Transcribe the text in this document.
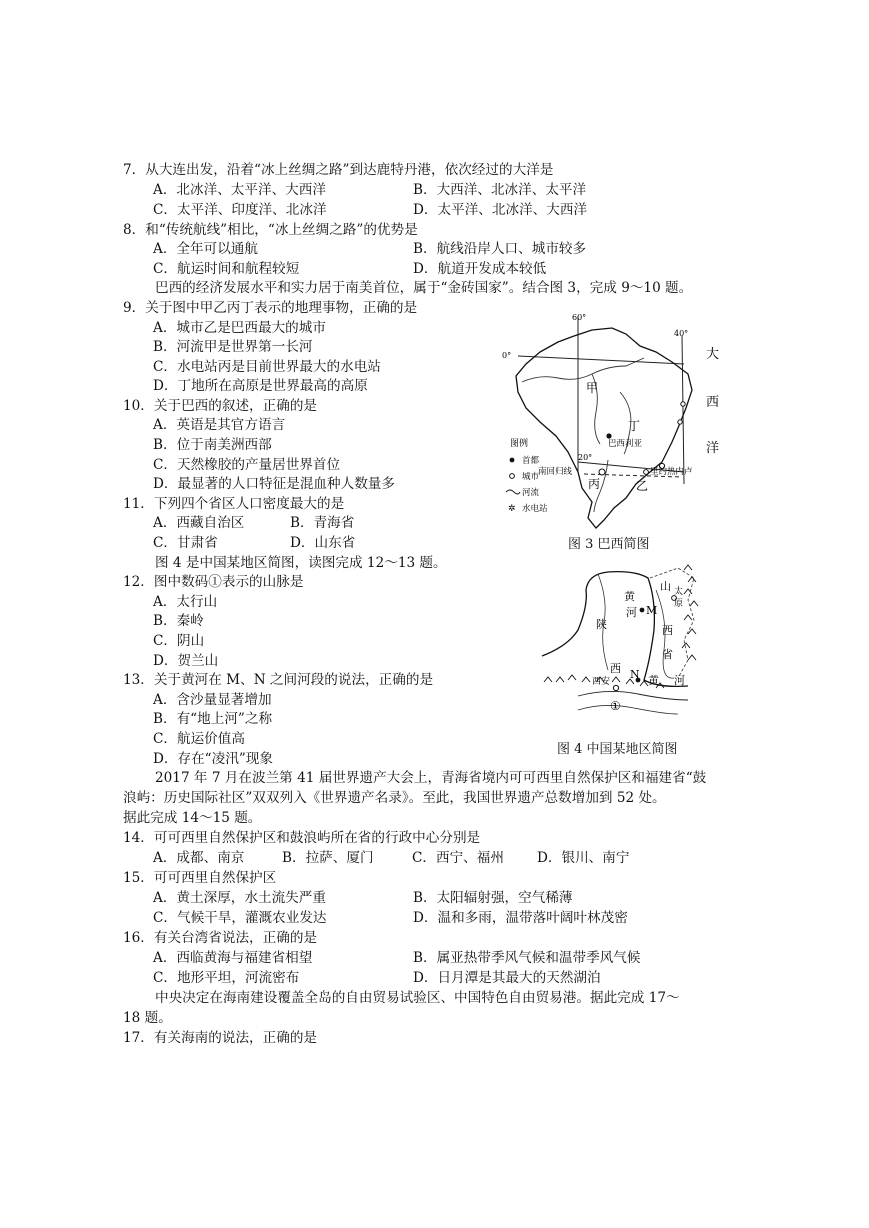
7．从大连出发，沿着“冰上丝绸之路”到达鹿特丹港，依次经过的大洋是
A．北冰洋、太平洋、大西洋	B．大西洋、北冰洋、太平洋
C．太平洋、印度洋、北冰洋	D．太平洋、北冰洋、大西洋
8．和“传统航线”相比，“冰上丝绸之路”的优势是
A．全年可以通航	B．航线沿岸人口、城市较多
C．航运时间和航程较短	D．航道开发成本较低
巴西的经济发展水平和实力居于南美首位，属于“金砖国家”。结合图 3，完成 9～10 题。
9．关于图中甲乙丙丁表示的地理事物，正确的是
A．城市乙是巴西最大的城市
B．河流甲是世界第一长河
C．水电站丙是目前世界最大的水电站
D．丁地所在高原是世界最高的高原
10．关于巴西的叙述，正确的是
A．英语是其官方语言
B．位于南美洲西部
C．天然橡胶的产量居世界首位
D．最显著的人口特征是混血种人数量多
11．下列四个省区人口密度最大的是
A．西藏自治区	B．青海省
C．甘肃省	D．山东省
图 4 是中国某地区简图，读图完成 12～13 题。
12．图中数码①表示的山脉是
A．太行山
B．秦岭
C．阴山
D．贺兰山
13．关于黄河在 M、N 之间河段的说法，正确的是
A．含沙量显著增加
B．有“地上河”之称
C．航运价值高
D．存在“凌汛”现象
2017 年 7 月在波兰第 41 届世界遗产大会上，青海省境内可可西里自然保护区和福建省“鼓
浪屿：历史国际社区”双双列入《世界遗产名录》。至此，我国世界遗产总数增加到 52 处。
据此完成 14～15 题。
14．可可西里自然保护区和鼓浪屿所在省的行政中心分别是
A．成都、南京	B．拉萨、厦门	C．西宁、福州 D．银川、南宁
15．可可西里自然保护区
A．黄土深厚，水土流失严重	B．太阳辐射强，空气稀薄
C．气候干旱，灌溉农业发达	D．温和多雨，温带落叶阔叶林茂密
16．有关台湾省说法，正确的是
A．西临黄海与福建省相望	B．属亚热带季风气候和温带季风气候
C．地形平坦，河流密布	D．日月潭是其最大的天然湖泊
中央决定在海南建设覆盖全岛的自由贸易试验区、中国特色自由贸易港。据此完成 17～
18 题。
17．有关海南的说法，正确的是
60°
40°
0°
20°
大
西
洋
甲
丁
丙	乙
巴西利亚
里约热内卢
南回归线
图例
首都
城市
河流
✲ 水电站
图 3 巴西简图
黄
河 M
山
西
省
太
原
陕
西 N
西安	黄 河
①
图 4 中国某地区简图
